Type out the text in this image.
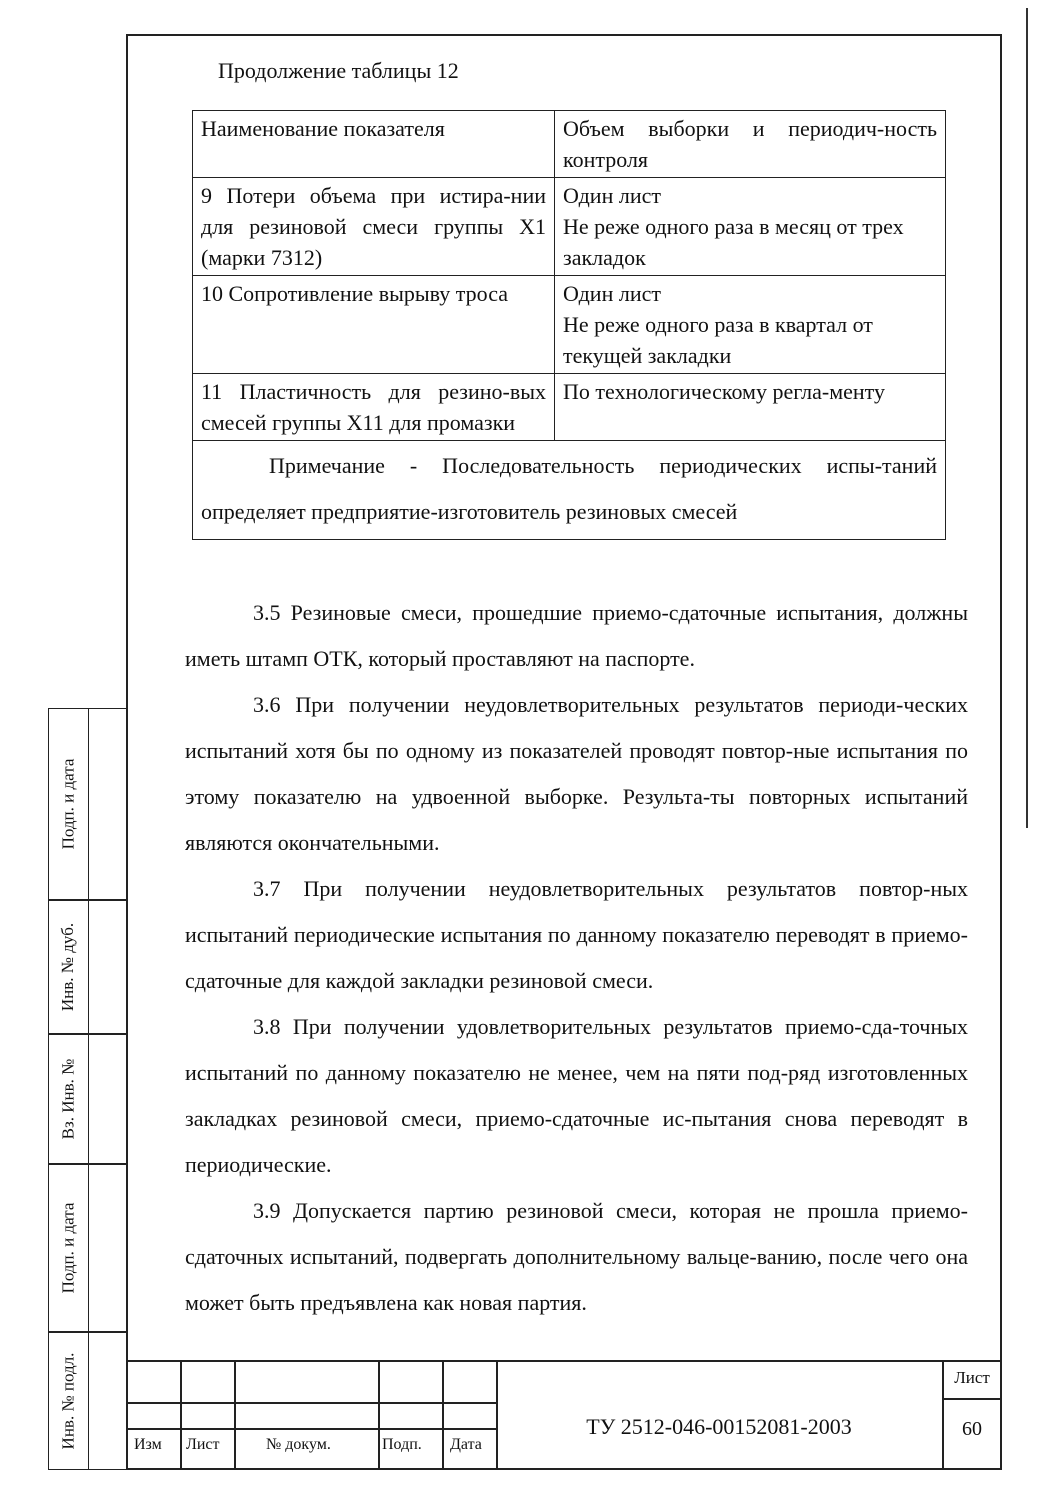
Продолжение таблицы 12
Наименование показателя	Объем выборки и периодич-ность контроля
9 Потери объема при истира-нии для резиновой смеси группы Х1 (марки 7312)	Один лист
Не реже одного раза в месяц от трех закладок
10 Сопротивление вырыву троса	Один лист
Не реже одного раза в квартал от текущей закладки
11 Пластичность для резино-вых смесей группы Х11 для промазки	По технологическому регла-менту
Примечание - Последовательность периодических испы-таний определяет предприятие-изготовитель резиновых смесей	

3.5 Резиновые смеси, прошедшие приемо-сдаточные испытания, должны иметь штамп ОТК, который проставляют на паспорте.

3.6 При получении неудовлетворительных результатов периоди-ческих испытаний хотя бы по одному из показателей проводят повтор-ные испытания по этому показателю на удвоенной выборке. Результа-ты повторных испытаний являются окончательными.

3.7 При получении неудовлетворительных результатов повтор-ных испытаний периодические испытания по данному показателю переводят в приемо-сдаточные для каждой закладки резиновой смеси.

3.8 При получении удовлетворительных результатов приемо-сда-точных испытаний по данному показателю не менее, чем на пяти под-ряд изготовленных закладках резиновой смеси, приемо-сдаточные ис-пытания снова переводят в периодические.

3.9 Допускается партию резиновой смеси, которая не прошла приемо-сдаточных испытаний, подвергать дополнительному вальце-ванию, после чего она может быть предъявлена как новая партия.

Подп. и дата
Инв. № дуб.
Вз. Инв. №
Подп. и дата
Инв. № подл.	Изм Лист	№ докум.	Подп. Дата
ТУ 2512-046-00152081-2003
Лист
60
